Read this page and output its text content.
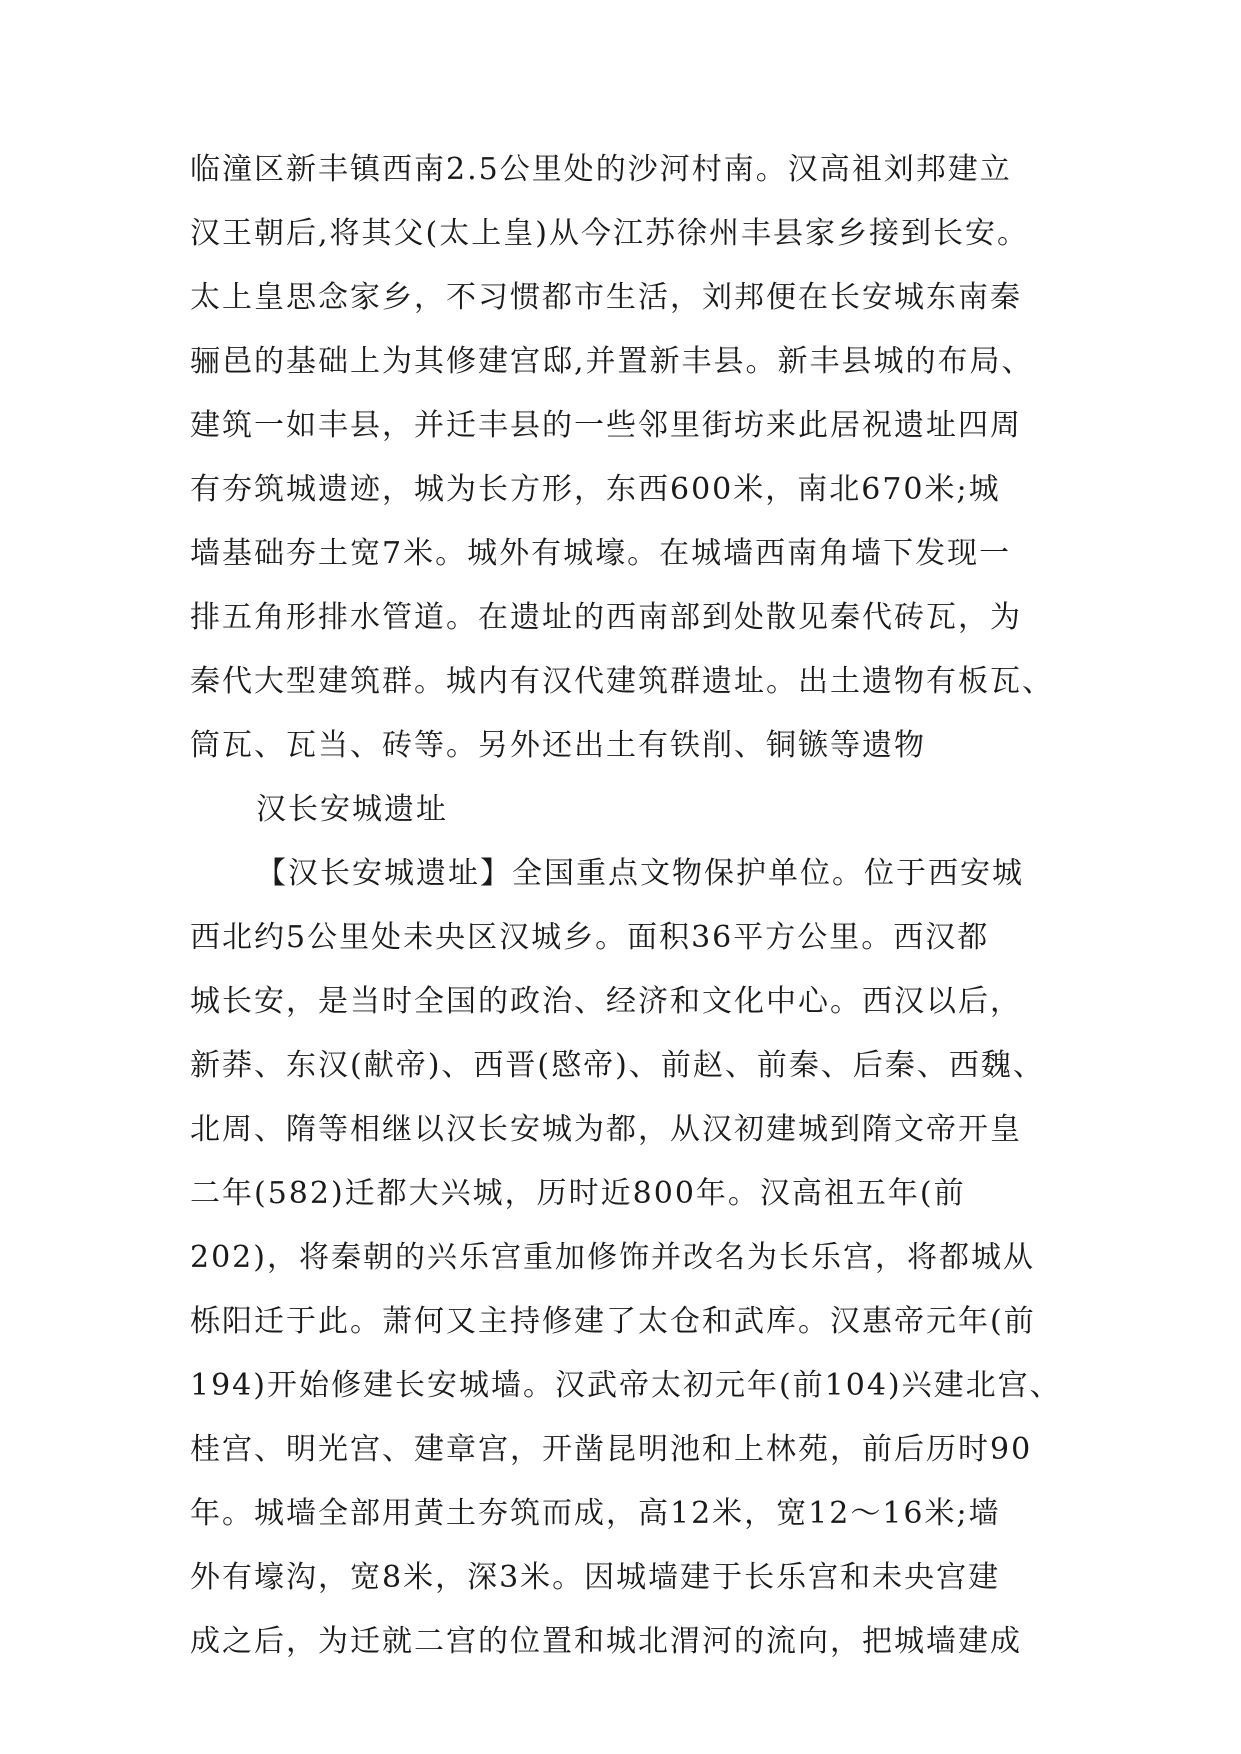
临潼区新丰镇西南2.5公里处的沙河村南。汉高祖刘邦建立
汉王朝后,将其父(太上皇)从今江苏徐州丰县家乡接到长安。
太上皇思念家乡，不习惯都市生活，刘邦便在长安城东南秦
骊邑的基础上为其修建宫邸,并置新丰县。新丰县城的布局、
建筑一如丰县，并迁丰县的一些邻里街坊来此居祝遗址四周
有夯筑城遗迹，城为长方形，东西600米，南北670米;城
墙基础夯土宽7米。城外有城壕。在城墙西南角墙下发现一
排五角形排水管道。在遗址的西南部到处散见秦代砖瓦，为
秦代大型建筑群。城内有汉代建筑群遗址。出土遗物有板瓦、
筒瓦、瓦当、砖等。另外还出土有铁削、铜镞等遗物
汉长安城遗址
【汉长安城遗址】全国重点文物保护单位。位于西安城
西北约5公里处未央区汉城乡。面积36平方公里。西汉都
城长安，是当时全国的政治、经济和文化中心。西汉以后，
新莽、东汉(献帝)、西晋(愍帝)、前赵、前秦、后秦、西魏、
北周、隋等相继以汉长安城为都，从汉初建城到隋文帝开皇
二年(582)迁都大兴城，历时近800年。汉高祖五年(前
202)，将秦朝的兴乐宫重加修饰并改名为长乐宫，将都城从
栎阳迁于此。萧何又主持修建了太仓和武库。汉惠帝元年(前
194)开始修建长安城墙。汉武帝太初元年(前104)兴建北宫、
桂宫、明光宫、建章宫，开凿昆明池和上林苑，前后历时90
年。城墙全部用黄土夯筑而成，高12米，宽12～16米;墙
外有壕沟，宽8米，深3米。因城墙建于长乐宫和未央宫建
成之后，为迁就二宫的位置和城北渭河的流向，把城墙建成
